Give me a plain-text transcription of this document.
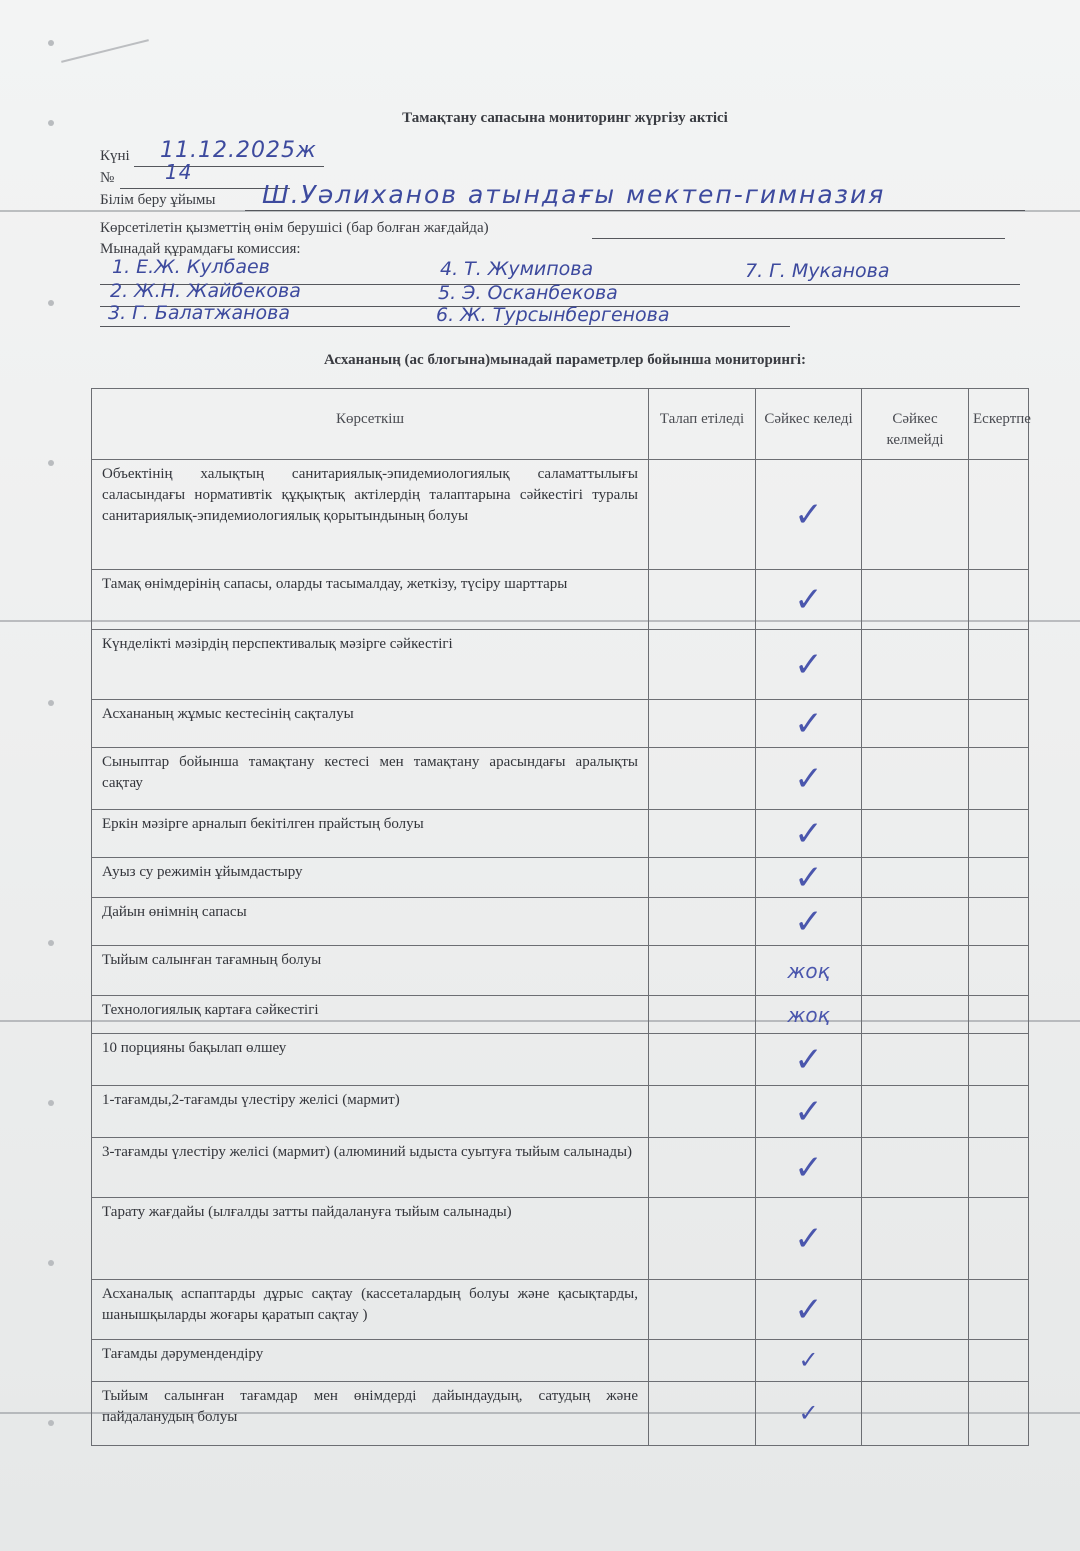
Тамақтану сапасына мониторинг жүргізу актісі
Күні 11.12.2025ж
№	14
Білім беру ұйымы Ш.Уәлиханов атындағы мектеп-гимназия
Көрсетілетін қызметтің өнім берушісі (бар болған жағдайда)
Мынадай құрамдағы комиссия:
1. Е.Ж. Кулбаев
2. Ж.Н. Жайбекова
3. Г. Балатжанова
4. Т. Жумипова
5. Э. Осканбекова
6. Ж. Турсынбергенова
7. Г. Муканова
Асхананың (ас блогына)мынадай параметрлер бойынша мониторингі:
Көрсеткіш	Талап етіледі	Сәйкес келеді	Сәйкес келмейді	Ескертпе
Объектінің халықтың санитариялық-эпидемиологиялық саламаттылығы саласындағы нормативтік құқықтық актілердің талаптарына сәйкестігі туралы санитариялық-эпидемиологиялық қорытындының болуы		✓		
Тамақ өнімдерінің сапасы, оларды тасымалдау, жеткізу, түсіру шарттары		✓		
Күнделікті мәзірдің перспективалық мәзірге сәйкестігі		✓		
Асхананың жұмыс кестесінің сақталуы		✓		
Сыныптар бойынша тамақтану кестесі мен тамақтану арасындағы аралықты сақтау		✓		
Еркін мәзірге арналып бекітілген прайстың болуы		✓		
Ауыз су режимін ұйымдастыру		✓		
Дайын өнімнің сапасы		✓		
Тыйым салынған тағамның болуы		жоқ		
Технологиялық картаға сәйкестігі		жоқ		
10 порцияны бақылап өлшеу		✓		
1-тағамды,2-тағамды үлестіру желісі (мармит)		✓		
3-тағамды үлестіру желісі (мармит) (алюминий ыдыста суытуға тыйым салынады)		✓		
Тарату жағдайы (ылғалды затты пайдалануға тыйым салынады)		✓		
Асханалық аспаптарды дұрыс сақтау (кассеталардың болуы және қасықтарды, шанышқыларды жоғары қаратып сақтау )		✓		
Тағамды дәрумендендіру		✓		
Тыйым салынған тағамдар мен өнімдерді дайындаудың, сатудың және пайдаланудың болуы		✓		
